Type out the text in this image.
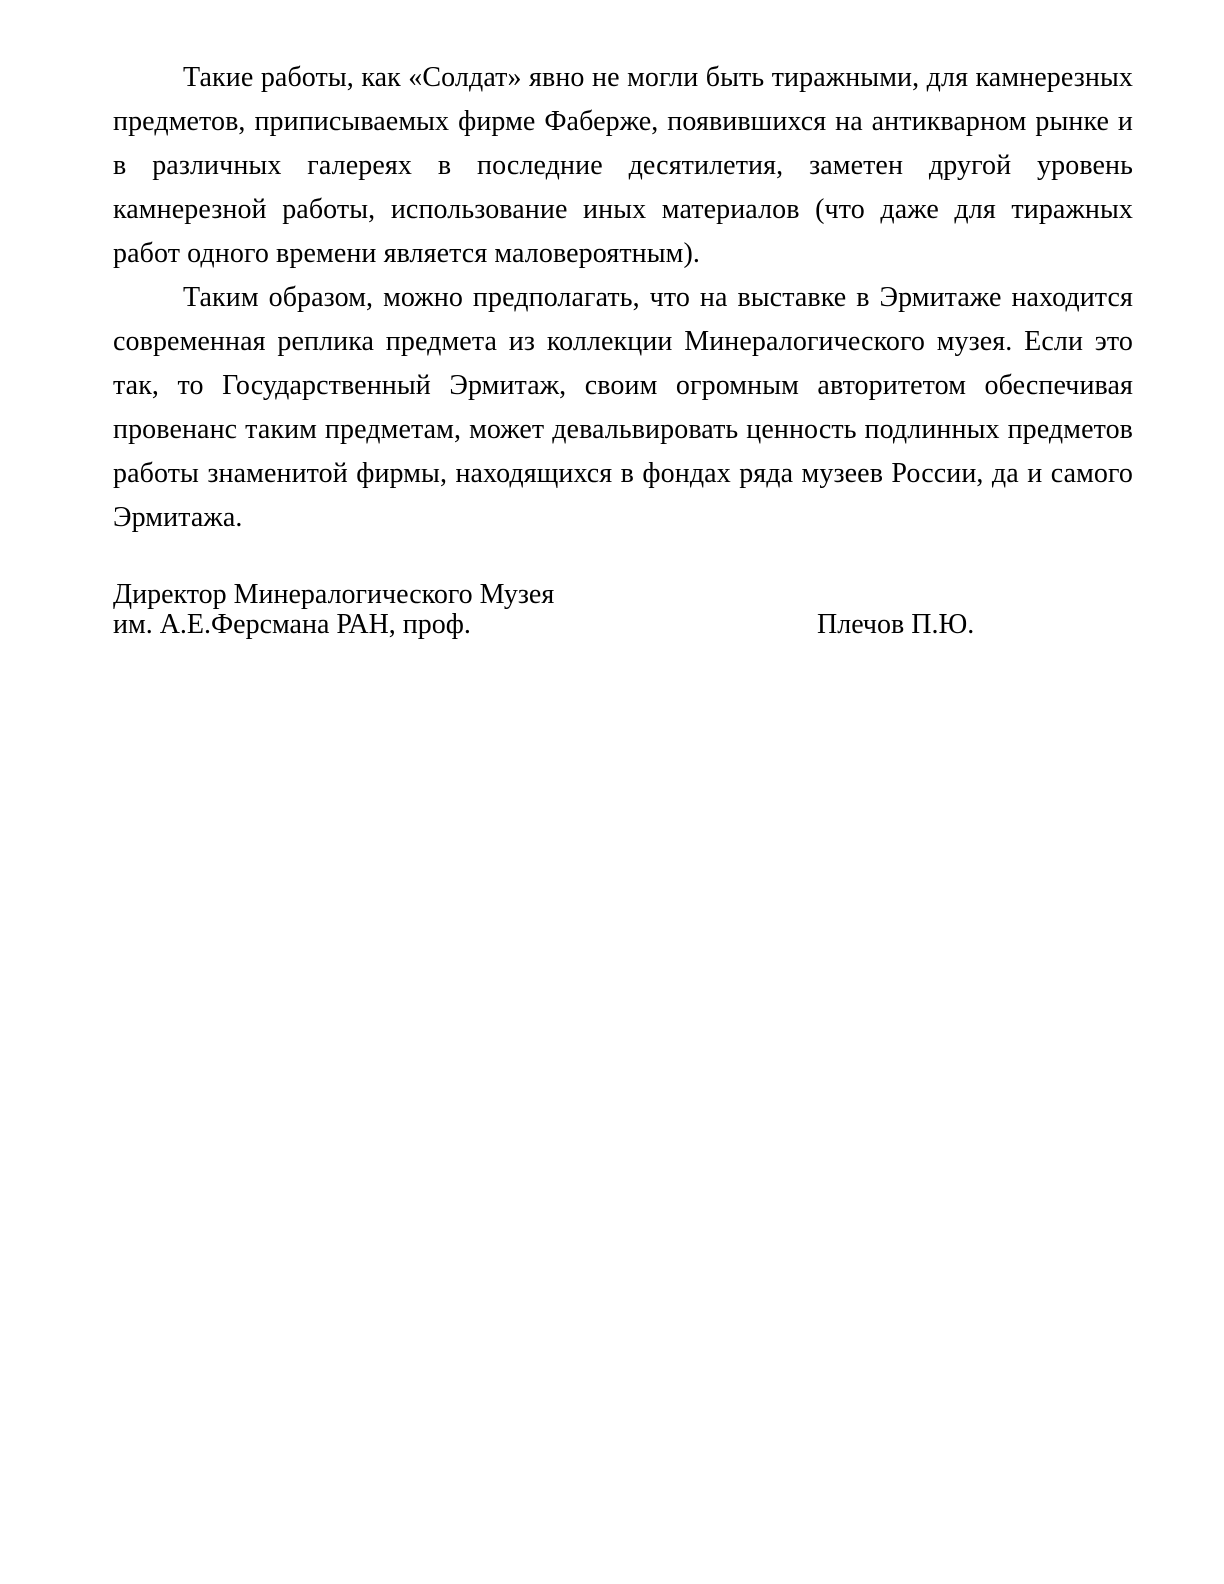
Такие работы, как «Солдат» явно не могли быть тиражными, для камнерезных предметов, приписываемых фирме Фаберже, появившихся на антикварном рынке и в различных галереях в последние десятилетия, заметен другой уровень камнерезной работы, использование иных материалов (что даже для тиражных работ одного времени является маловероятным).

Таким образом, можно предполагать, что на выставке в Эрмитаже находится современная реплика предмета из коллекции Минералогического музея. Если это так, то Государственный Эрмитаж, своим огромным авторитетом обеспечивая провенанс таким предметам, может девальвировать ценность подлинных предметов работы знаменитой фирмы, находящихся в фондах ряда музеев России, да и самого Эрмитажа.

Директор Минералогического Музея
им. А.Е.Ферсмана РАН, проф.	Плечов П.Ю.
